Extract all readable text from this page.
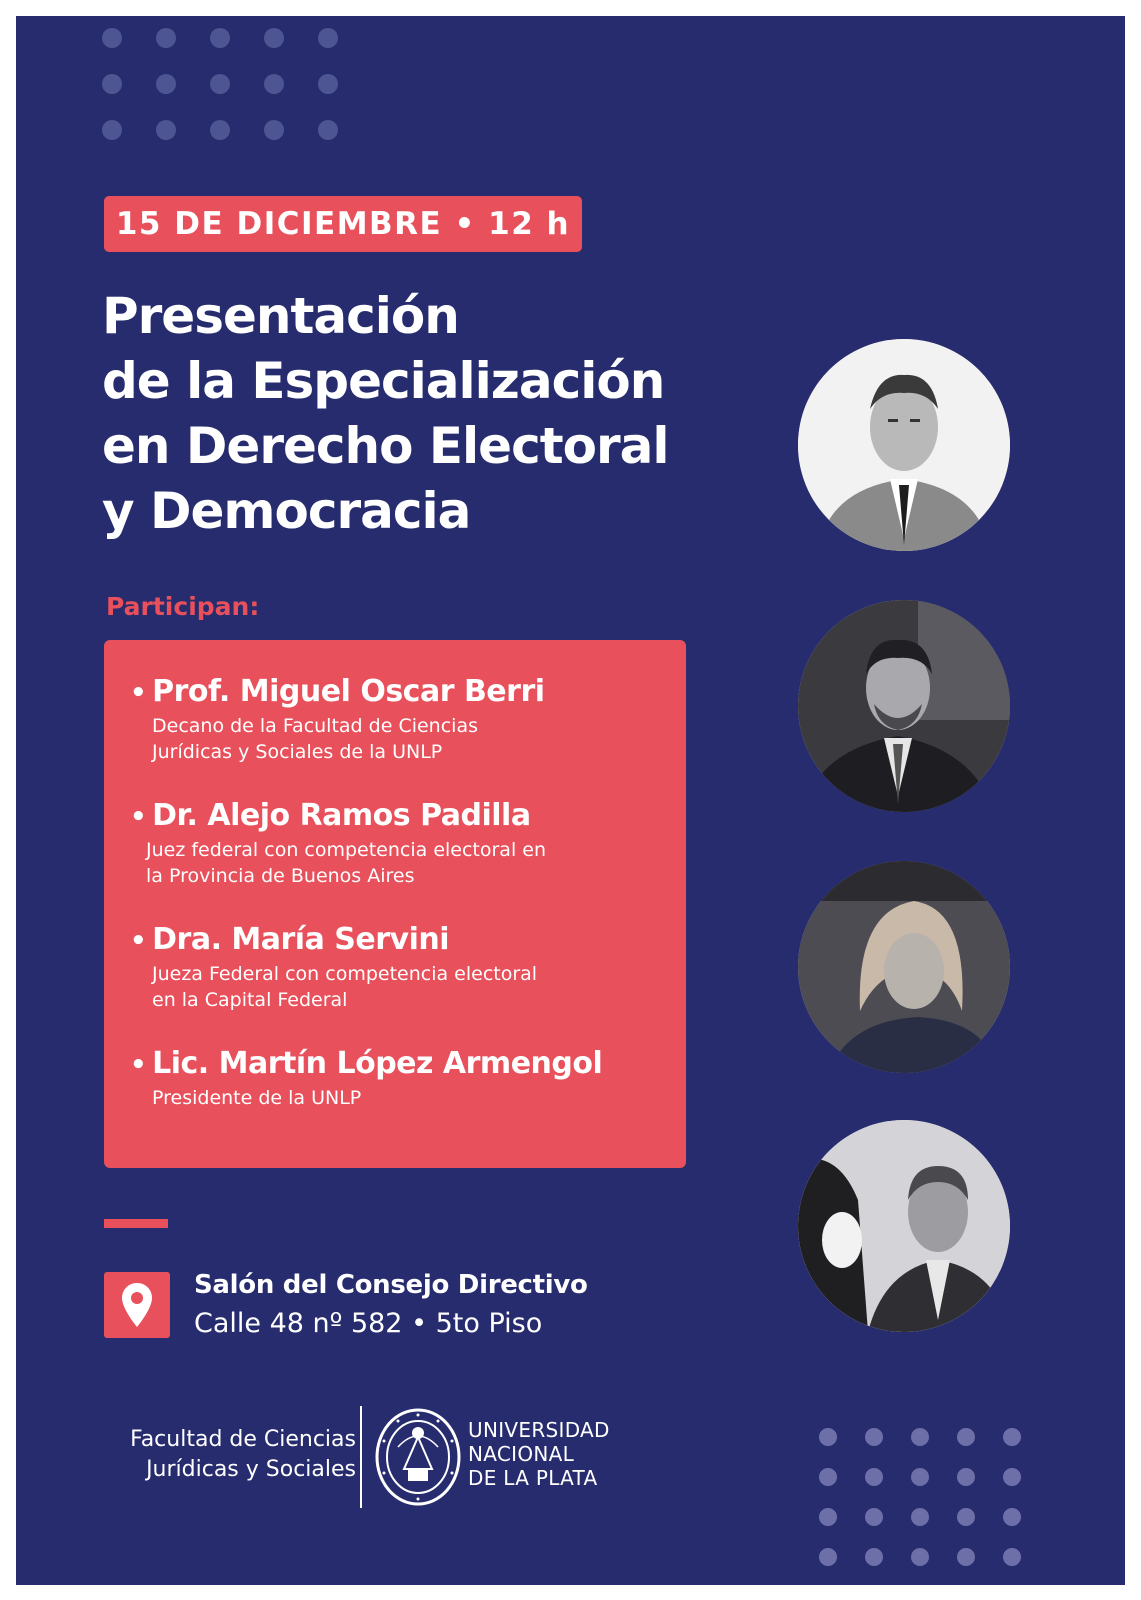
15 DE DICIEMBRE • 12 h
Presentación
de la Especialización
en Derecho Electoral
y Democracia
Participan:
• Prof. Miguel Oscar Berri
Decano de la Facultad de Ciencias
Jurídicas y Sociales de la UNLP
• Dr. Alejo Ramos Padilla
Juez federal con competencia electoral en
la Provincia de Buenos Aires
• Dra. María Servini
Jueza Federal con competencia electoral
en la Capital Federal
• Lic. Martín López Armengol
Presidente de la UNLP
Salón del Consejo Directivo
Calle 48 nº 582 • 5to Piso
Facultad de Ciencias
Jurídicas y Sociales
UNIVERSIDAD
NACIONAL
DE LA PLATA
